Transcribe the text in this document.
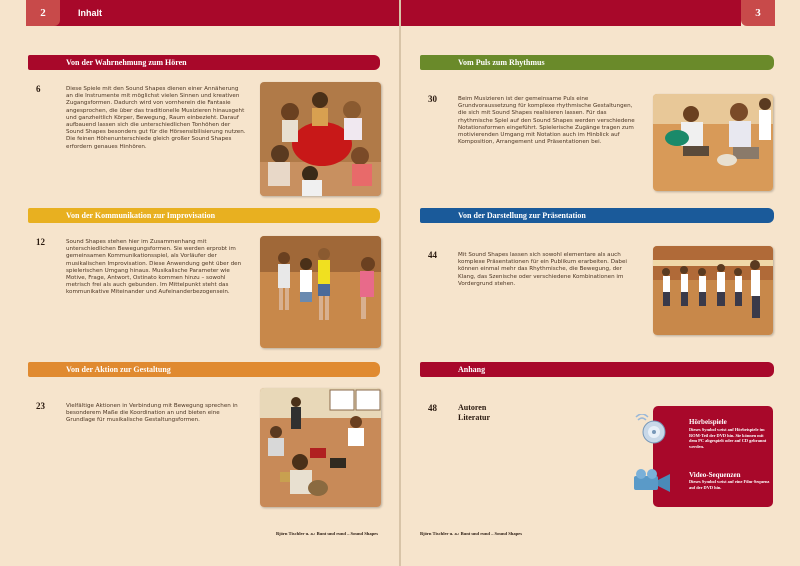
2	3
Inhalt
Von der Wahrnehmung zum Hören
6	Diese Spiele mit den Sound Shapes dienen einer Annäherung an die Instrumente mit möglichst vielen Sinnen und kreativen Zugangsformen. Dadurch wird von vornherein die Fantasie angesprochen, die über das traditionelle Musizieren hinausgeht und ganzheitlich Körper, Bewegung, Raum einbezieht. Darauf aufbauend lassen sich die unterschiedlichen Tonhöhen der Sound Shapes besonders gut für die Hörsensibilisierung nutzen. Die feinen Höhenunterschiede gleich großer Sound Shapes erfordern genaues Hinhören.
Von der Kommunikation zur Improvisation
12	Sound Shapes stehen hier im Zusammenhang mit unterschiedlichen Bewegungsformen. Sie werden erprobt im gemeinsamen Kommunikationsspiel, als Vorläufer der musikalischen Improvisation. Diese Anwendung geht über den spielerischen Umgang hinaus. Musikalische Parameter wie Motive, Frage, Antwort, Ostinato kommen hinzu – sowohl metrisch frei als auch gebunden. Im Mittelpunkt steht das kommunikative Miteinander und Aufeinanderbezogensein.
Von der Aktion zur Gestaltung
23	Vielfältige Aktionen in Verbindung mit Bewegung sprechen in besonderem Maße die Koordination an und bieten eine Grundlage für musikalische Gestaltungsformen.
Björn Tischler u. a.: Bunt und rund – Sound Shapes
Vom Puls zum Rhythmus
30	Beim Musizieren ist der gemeinsame Puls eine Grundvoraussetzung für komplexe rhythmische Gestaltungen, die sich mit Sound Shapes realisieren lassen. Für das rhythmische Spiel auf den Sound Shapes werden verschiedene Notationsformen eingeführt. Spielerische Zugänge tragen zum motivierenden Umgang mit Notation auch im Hinblick auf Komposition, Arrangement und Präsentationen bei.
Von der Darstellung zur Präsentation
44	Mit Sound Shapes lassen sich sowohl elementare als auch komplexe Präsentationen für ein Publikum erarbeiten. Dabei können einmal mehr das Rhythmische, die Bewegung, der Klang, das Szenische oder verschiedene Kombinationen im Vordergrund stehen.
Anhang
48	Autoren
Literatur	Hörbeispiele
Dieses Symbol weist auf Hörbeispiele im ROM-Teil der DVD hin. Sie können mit dem PC abgespielt oder auf CD gebrannt werden.
Video-Sequenzen
Dieses Symbol weist auf eine Film-Sequenz auf der DVD hin.
Björn Tischler u. a.: Bunt und rund – Sound Shapes
